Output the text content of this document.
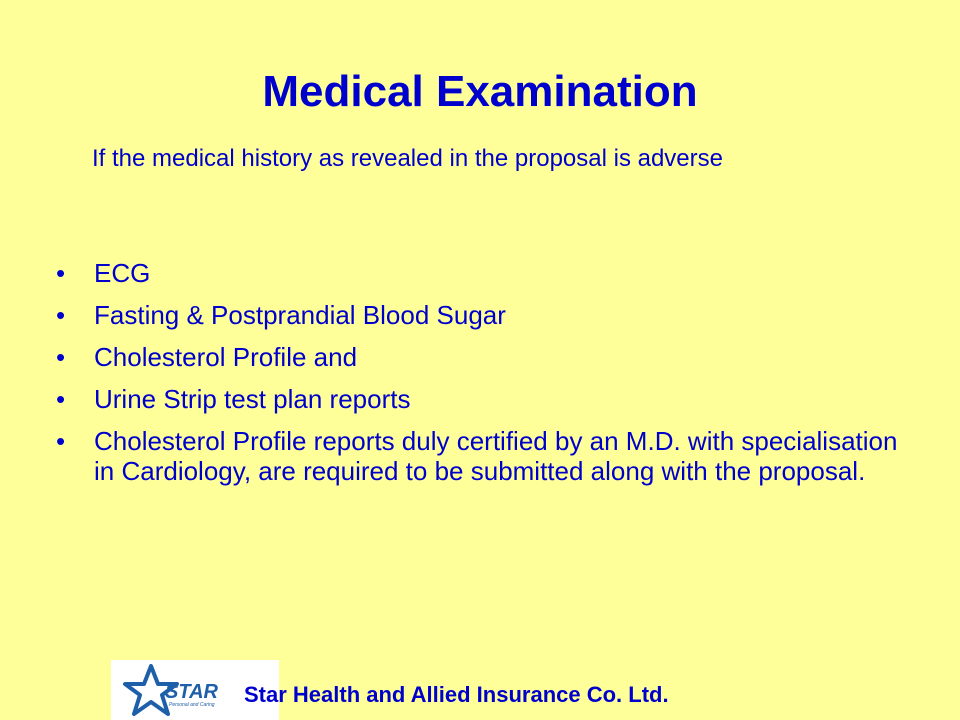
Medical Examination
If the medical history as revealed in the proposal is adverse
•	ECG
•	Fasting & Postprandial Blood Sugar
•	Cholesterol Profile and
•	Urine Strip test plan reports
•	Cholesterol Profile reports duly certified by an M.D. with specialisation in Cardiology, are required to be submitted along with the proposal.
STAR
Personal and Caring Star Health and Allied Insurance Co. Ltd.
